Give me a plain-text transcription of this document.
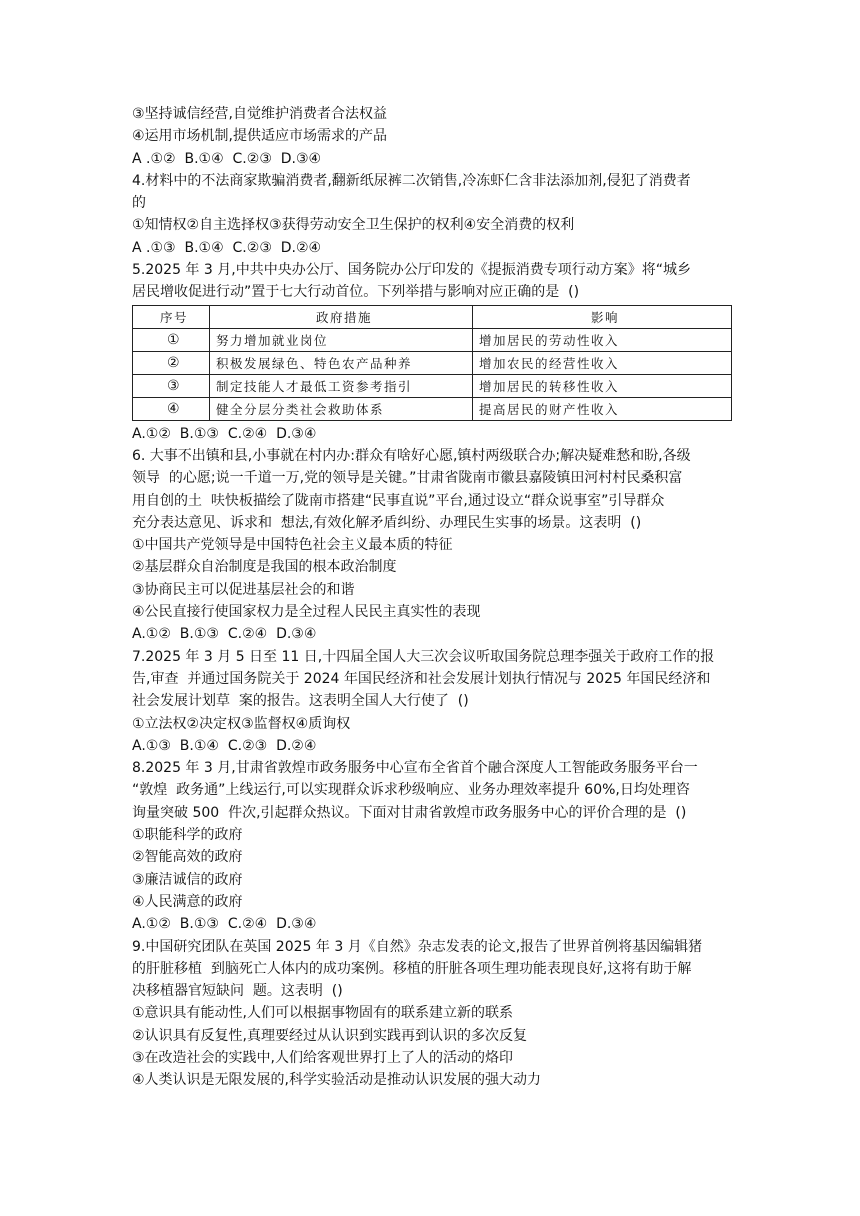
③坚持诚信经营,自觉维护消费者合法权益
④运用市场机制,提供适应市场需求的产品
A .①②  B.①④  C.②③  D.③④
4.材料中的不法商家欺骗消费者,翻新纸尿裤二次销售,冷冻虾仁含非法添加剂,侵犯了消费者
的
①知情权②自主选择权③获得劳动安全卫生保护的权利④安全消费的权利
A .①③  B.①④  C.②③  D.②④
5.2025 年 3 月,中共中央办公厅、国务院办公厅印发的《提振消费专项行动方案》将“城乡
居民增收促进行动”置于七大行动首位。下列举措与影响对应正确的是  ()
序号	政府措施	影响
①	努力增加就业岗位	增加居民的劳动性收入
②	积极发展绿色、特色农产品种养	增加农民的经营性收入
③	制定技能人才最低工资参考指引	增加居民的转移性收入
④	健全分层分类社会救助体系	提高居民的财产性收入
A.①②  B.①③  C.②④  D.③④
6. 大事不出镇和县,小事就在村内办:群众有啥好心愿,镇村两级联合办;解决疑难愁和盼,各级
领导  的心愿;说一千道一万,党的领导是关键。”甘肃省陇南市徽县嘉陵镇田河村村民桑积富
用自创的土  呋快板描绘了陇南市搭建“民事直说”平台,通过设立“群众说事室”引导群众
充分表达意见、诉求和  想法,有效化解矛盾纠纷、办理民生实事的场景。这表明  ()
①中国共产党领导是中国特色社会主义最本质的特征
②基层群众自治制度是我国的根本政治制度
③协商民主可以促进基层社会的和谐
④公民直接行使国家权力是全过程人民民主真实性的表现
A.①②  B.①③  C.②④  D.③④
7.2025 年 3 月 5 日至 11 日,十四届全国人大三次会议听取国务院总理李强关于政府工作的报
告,审查  并通过国务院关于 2024 年国民经济和社会发展计划执行情况与 2025 年国民经济和
社会发展计划草  案的报告。这表明全国人大行使了  ()
①立法权②决定权③监督权④质询权
A.①③  B.①④  C.②③  D.②④
8.2025 年 3 月,甘肃省敦煌市政务服务中心宣布全省首个融合深度人工智能政务服务平台一
“敦煌  政务通”上线运行,可以实现群众诉求秒级响应、业务办理效率提升 60%,日均处理咨
询量突破 500  件次,引起群众热议。下面对甘肃省敦煌市政务服务中心的评价合理的是  ()
①职能科学的政府
②智能高效的政府
③廉洁诚信的政府
④人民满意的政府
A.①②  B.①③  C.②④  D.③④
9.中国研究团队在英国 2025 年 3 月《自然》杂志发表的论文,报告了世界首例将基因编辑猪
的肝脏移植  到脑死亡人体内的成功案例。移植的肝脏各项生理功能表现良好,这将有助于解
决移植器官短缺问  题。这表明  ()
①意识具有能动性,人们可以根据事物固有的联系建立新的联系
②认识具有反复性,真理要经过从认识到实践再到认识的多次反复
③在改造社会的实践中,人们给客观世界打上了人的活动的烙印
④人类认识是无限发展的,科学实验活动是推动认识发展的强大动力
